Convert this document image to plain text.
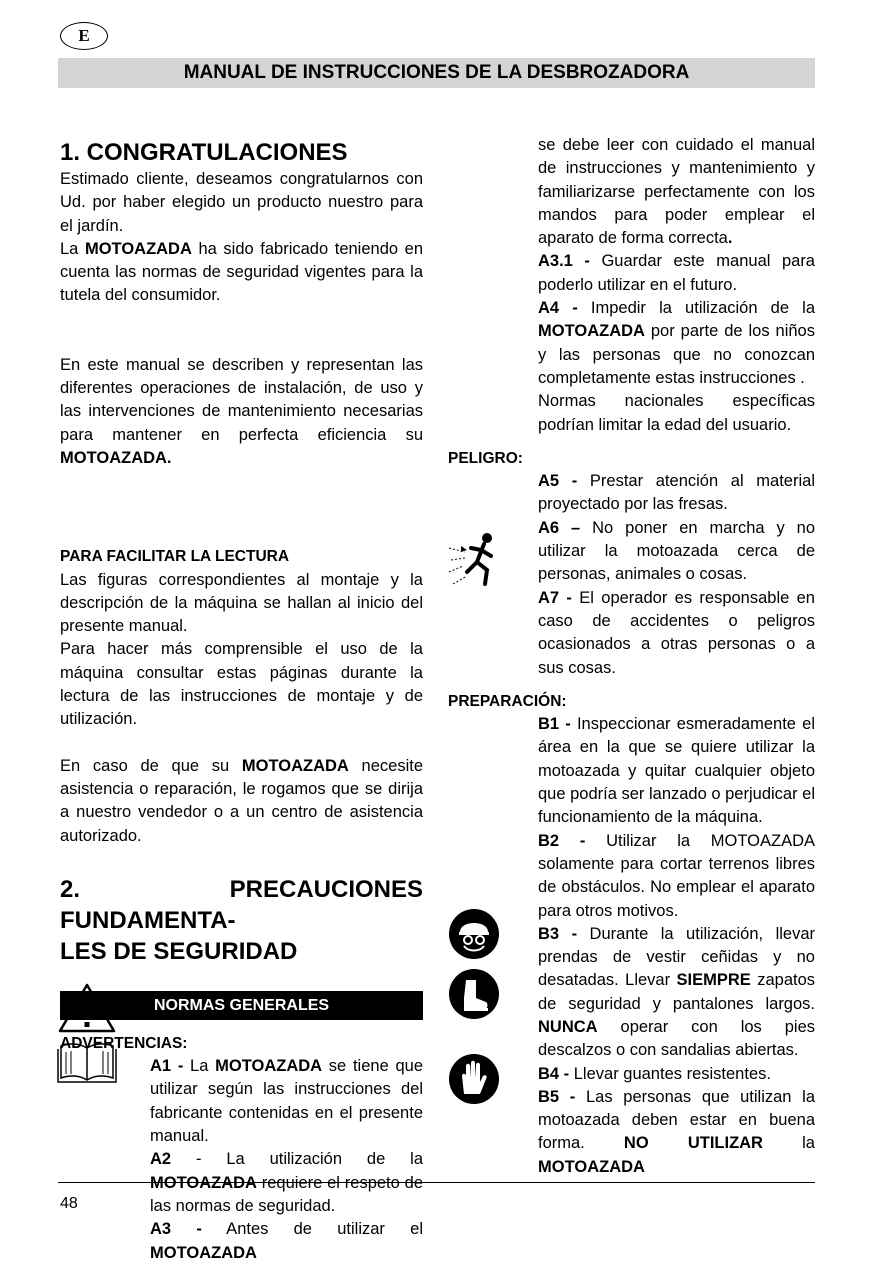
E
MANUAL DE INSTRUCCIONES DE LA DESBROZADORA

1. CONGRATULACIONES

Estimado cliente, deseamos congratularnos con Ud. por haber elegido un producto nuestro para el jardín.

La MOTOAZADA ha sido fabricado teniendo en cuenta las normas de seguridad vigentes para la tutela del consumidor.

En este manual se describen y representan las diferentes operaciones de instalación, de uso y las intervenciones de mantenimiento necesarias para mantener en perfecta eficiencia su MOTOAZADA.

PARA FACILITAR LA LECTURA

Las figuras correspondientes al montaje y la descripción de la máquina se hallan al inicio del presente manual.

Para hacer más comprensible el uso de la máquina consultar estas páginas durante la lectura de las instrucciones de montaje y de utilización.

En caso de que su MOTOAZADA necesite asistencia o reparación, le rogamos que se dirija a nuestro vendedor o a un centro de asistencia autorizado.

2. PRECAUCIONES FUNDAMENTA-
LES DE SEGURIDAD

NORMAS GENERALES

ADVERTENCIAS:

A1 - La MOTOAZADA se tiene que utilizar según las instrucciones del fabricante contenidas en el presente manual.

A2 - La utilización de la MOTOAZADA requiere el respeto de las normas de seguridad.

A3 - Antes de utilizar el MOTOAZADA

se debe leer con cuidado el manual de instrucciones y mantenimiento y familiarizarse perfectamente con los mandos para poder emplear el aparato de forma correcta.

A3.1 - Guardar este manual para poderlo utilizar en el futuro.

A4 - Impedir la utilización de la MOTOAZADA por parte de los niños y las personas que no conozcan completamente estas instrucciones .

Normas nacionales específicas podrían limitar la edad del usuario.

PELIGRO:

A5 - Prestar atención al material proyectado por las fresas.

A6 – No poner en marcha y no utilizar la motoazada cerca de personas, animales o cosas.

A7 - El operador es responsable en caso de accidentes o peligros ocasionados a otras personas o a sus cosas.

PREPARACIÓN:

B1 - Inspeccionar esmeradamente el área en la que se quiere utilizar la motoazada y quitar cualquier objeto que podría ser lanzado o perjudicar el funcionamiento de la máquina.

B2 - Utilizar la MOTOAZADA solamente para cortar terrenos libres de obstáculos. No emplear el aparato para otros motivos.

B3 - Durante la utilización, llevar prendas de vestir ceñidas y no desatadas. Llevar SIEMPRE zapatos de seguridad y pantalones largos. NUNCA operar con los pies descalzos o con sandalias abiertas.

B4 - Llevar guantes resistentes.

B5 - Las personas que utilizan la motoazada deben estar en buena forma. NO UTILIZAR la MOTOAZADA

48
